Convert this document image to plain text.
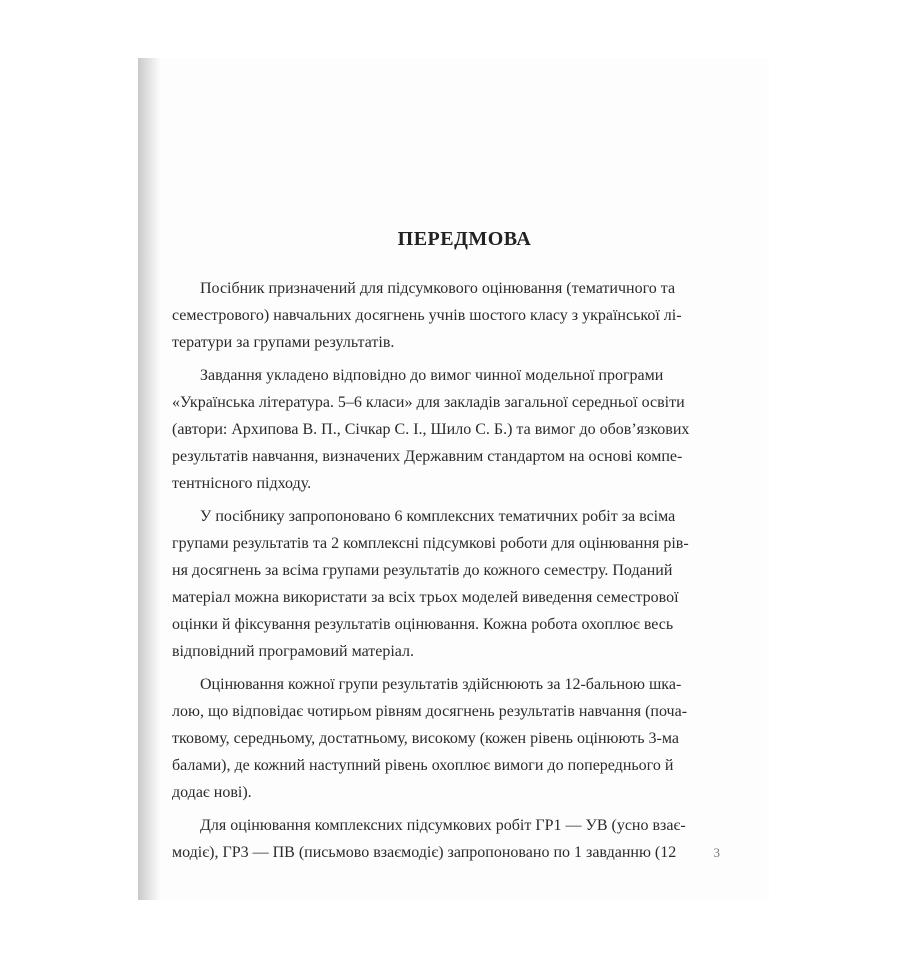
ПЕРЕДМОВА

Посібник призначений для підсумкового оцінювання (тематичного та

семестрового) навчальних досягнень учнів шостого класу з української лі-

тератури за групами результатів.

Завдання укладено відповідно до вимог чинної модельної програми

«Українська література. 5–6 класи» для закладів загальної середньої освіти

(автори: Архипова В. П., Січкар С. І., Шило С. Б.) та вимог до обов’язкових

результатів навчання, визначених Державним стандартом на основі компе-

тентнісного підходу.

У посібнику запропоновано 6 комплексних тематичних робіт за всіма

групами результатів та 2 комплексні підсумкові роботи для оцінювання рів-

ня досягнень за всіма групами результатів до кожного семестру. Поданий

матеріал можна використати за всіх трьох моделей виведення семестрової

оцінки й фіксування результатів оцінювання. Кожна робота охоплює весь

відповідний програмовий матеріал.

Оцінювання кожної групи результатів здійснюють за 12-бальною шка-

лою, що відповідає чотирьом рівням досягнень результатів навчання (поча-

тковому, середньому, достатньому, високому (кожен рівень оцінюють 3-ма

балами), де кожний наступний рівень охоплює вимоги до попереднього й

додає нові).

Для оцінювання комплексних підсумкових робіт ГР1 — УВ (усно взає-

модіє), ГР3 — ПВ (письмово взаємодіє) запропоновано по 1 завданню (12	3
